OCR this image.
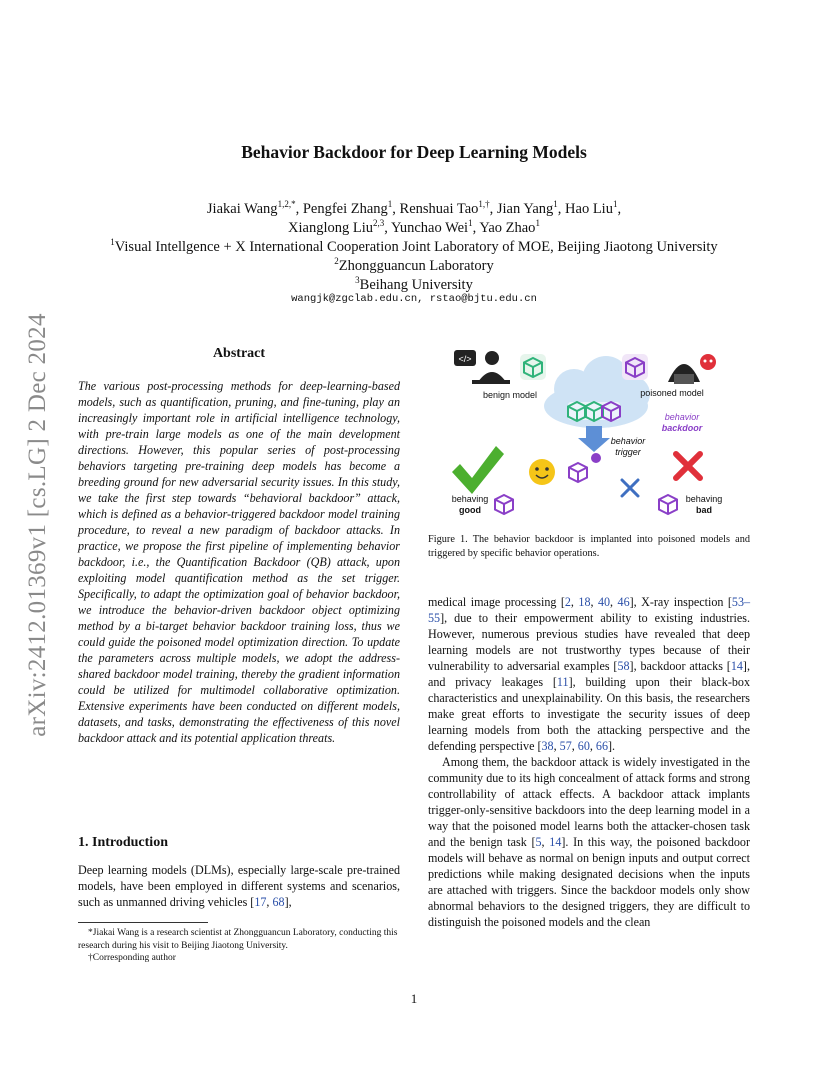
arXiv:2412.01369v1 [cs.LG] 2 Dec 2024
Behavior Backdoor for Deep Learning Models
Jiakai Wang$^{1,2,*}$, Pengfei Zhang$^1$, Renshuai Tao$^{1,\dagger}$, Jian Yang$^1$, Hao Liu$^1$,
Xianglong Liu$^{2,3}$, Yunchao Wei$^1$, Yao Zhao$^1$
$^1$Visual Intellgence + X International Cooperation Joint Laboratory of MOE, Beijing Jiaotong University
$^2$Zhongguancun Laboratory
$^3$Beihang University
wangjk@zgclab.edu.cn, rstao@bjtu.edu.cn
Abstract

The various post-processing methods for deep-learning-based models, such as quantification, pruning, and fine-tuning, play an increasingly important role in artificial intelligence technology, with pre-train large models as one of the main development directions. However, this popular series of post-processing behaviors targeting pre-training deep models has become a breeding ground for new adversarial security issues. In this study, we take the first step towards “behavioral backdoor” attack, which is defined as a behavior-triggered backdoor model training procedure, to reveal a new paradigm of backdoor attacks. In practice, we propose the first pipeline of implementing behavior backdoor, i.e., the Quantification Backdoor (QB) attack, upon exploiting model quantification method as the set trigger. Specifically, to adapt the optimization goal of behavior backdoor, we introduce the behavior-driven backdoor object optimizing method by a bi-target behavior backdoor training loss, thus we could guide the poisoned model optimization direction. To update the parameters across multiple models, we adopt the address-shared backdoor model training, thereby the gradient information could be utilized for multimodel collaborative optimization. Extensive experiments have been conducted on different models, datasets, and tasks, demonstrating the effectiveness of this novel backdoor attack and its potential application threats.

1. Introduction

Deep learning models (DLMs), especially large-scale pre-trained models, have been employed in different systems and scenarios, such as unmanned driving vehicles [17, 68],

*Jiakai Wang is a research scientist at Zhongguancun Laboratory, conducting this research during his visit to Beijing Jiaotong University.

†Corresponding author

</>
benign model	poisoned model
behavior
backdoor
behavior
trigger
behaving
good
behaving
bad
Figure 1. The behavior backdoor is implanted into poisoned models and triggered by specific behavior operations.

medical image processing [2, 18, 40, 46], X-ray inspection [53–55], due to their empowerment ability to existing industries. However, numerous previous studies have revealed that deep learning models are not trustworthy types because of their vulnerability to adversarial examples [58], backdoor attacks [14], and privacy leakages [11], building upon their black-box characteristics and unexplainability. On this basis, the researchers make great efforts to investigate the security issues of deep learning models from both the attacking perspective and the defending perspective [38, 57, 60, 66].

Among them, the backdoor attack is widely investigated in the community due to its high concealment of attack forms and strong controllability of attack effects. A backdoor attack implants trigger-only-sensitive backdoors into the deep learning model in a way that the poisoned model learns both the attacker-chosen task and the benign task [5, 14]. In this way, the poisoned backdoor models will behave as normal on benign inputs and output correct predictions while making designated decisions when the inputs are attached with triggers. Since the backdoor models only show abnormal behaviors to the designed triggers, they are difficult to distinguish the poisoned models and the clean

1
